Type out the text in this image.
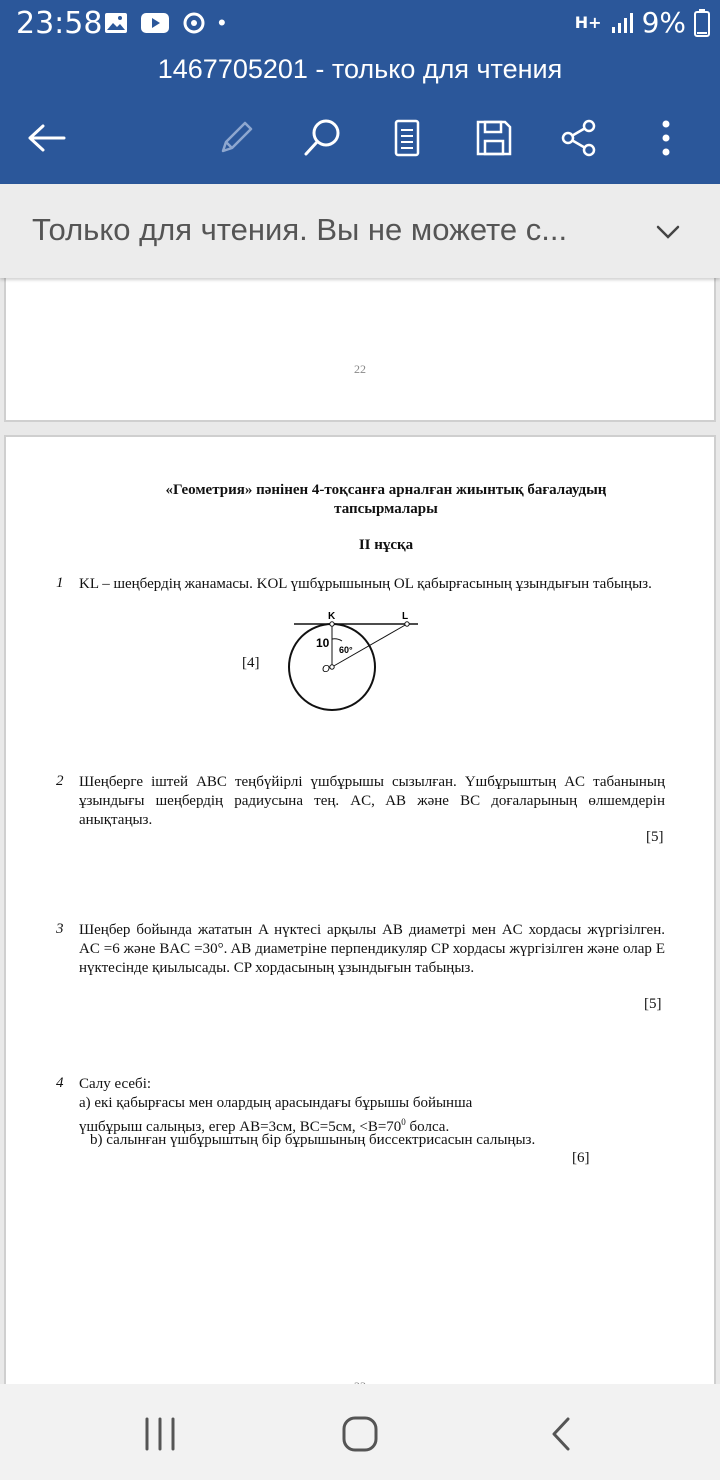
23:58	•	H+ 9%
1467705201 - только для чтения
Только для чтения. Вы не можете с...
22
«Геометрия» пәнінен 4-тоқсанға арналған жиынтық бағалаудың тапсырмалары
II нұсқа
1 KL – шеңбердің жанамасы. KOL үшбұрышының OL қабырғасының ұзындығын табыңыз.
[4]
K	L
O
10 60°
2 Шеңберге іштей ABC теңбүйірлі үшбұрышы сызылған. Үшбұрыштың AC табанының ұзындығы шеңбердің радиусына тең. AC, AB және BC доғаларының өлшемдерін анықтаңыз.
[5]
3 Шеңбер бойында жататын A нүктесі арқылы AB диаметрі мен AC хордасы жүргізілген. AC =6 және BAC =30°. AB диаметріне перпендикуляр CP хордасы жүргізілген және олар E нүктесінде қиылысады. CP хордасының ұзындығын табыңыз.
[5]
4 Салу есебі:
a) екі қабырғасы мен олардың арасындағы бұрышы бойынша үшбұрыш салыңыз, егер AB=3см, BC=5см, $<B=70^0$ болса.
b) салынған үшбұрыштың бір бұрышының биссектрисасын салыңыз.
[6]
